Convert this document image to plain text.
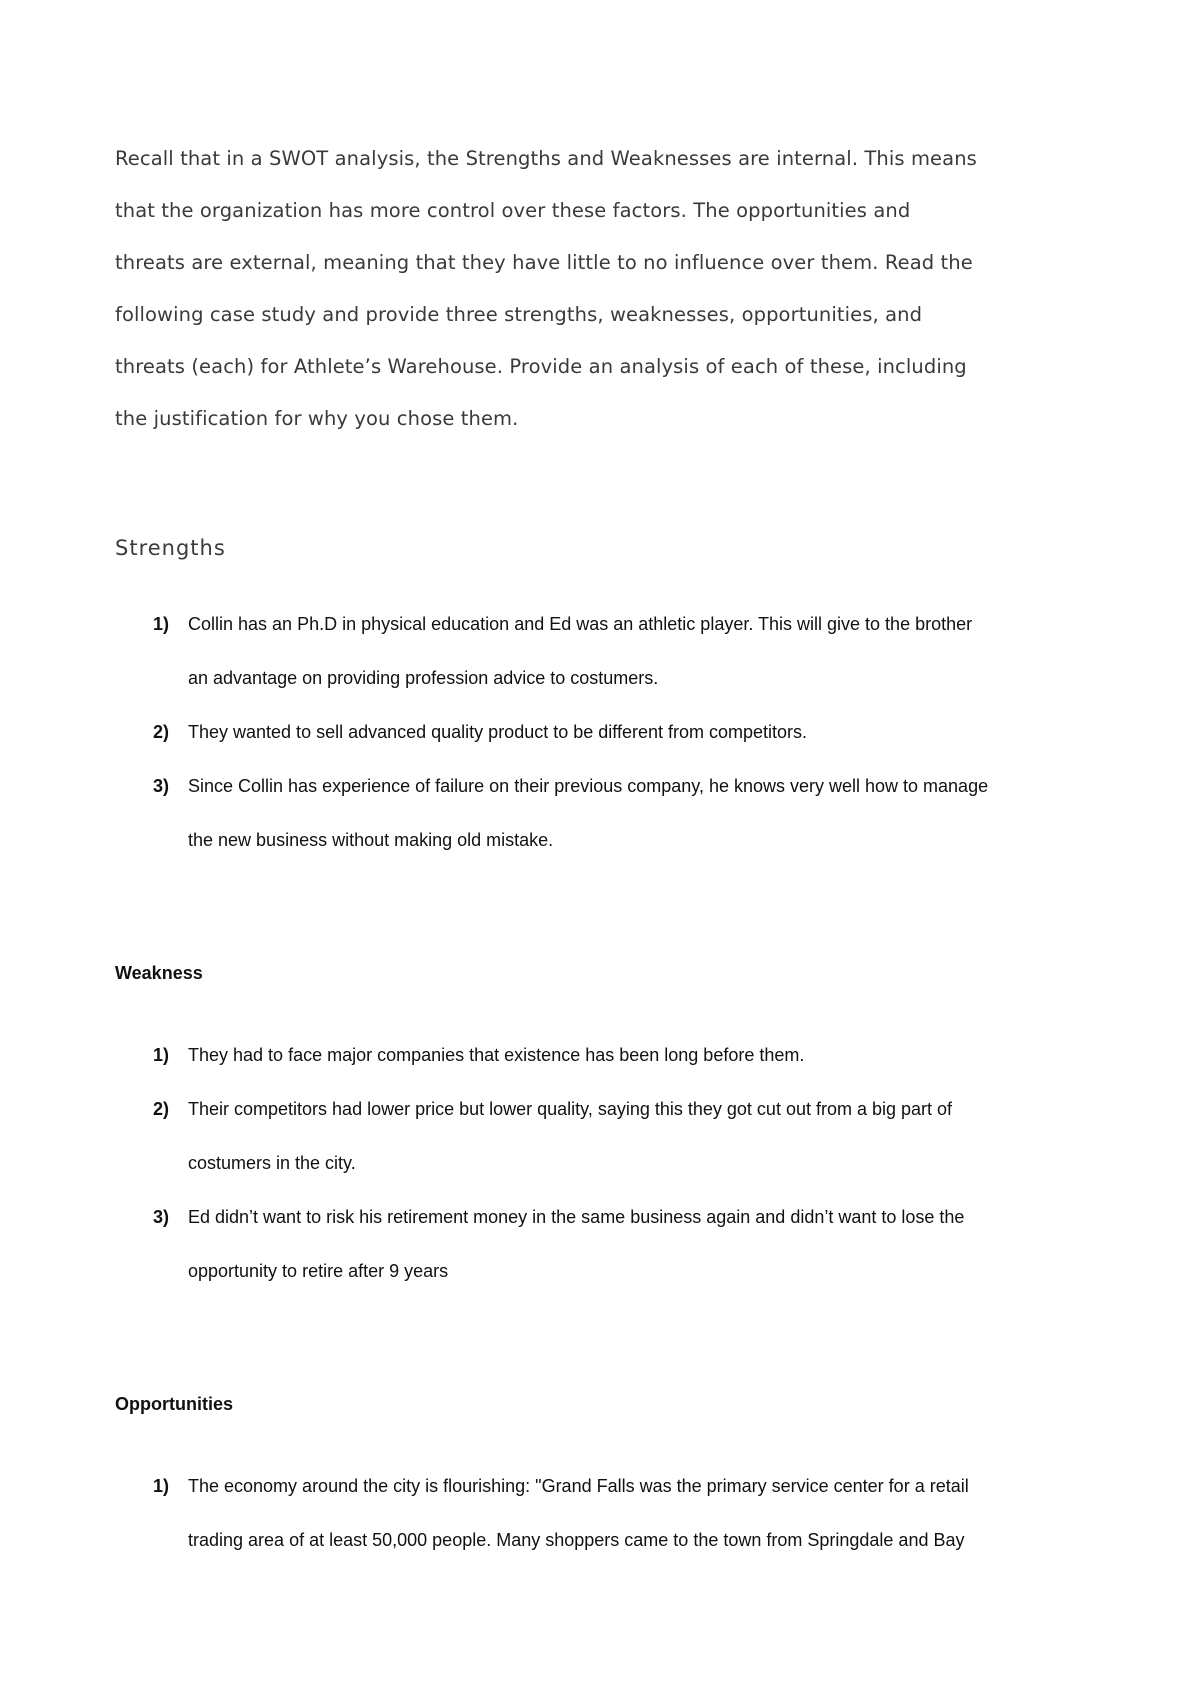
Recall that in a SWOT analysis, the Strengths and Weaknesses are internal. This means
that the organization has more control over these factors. The opportunities and
threats are external, meaning that they have little to no influence over them. Read the
following case study and provide three strengths, weaknesses, opportunities, and
threats (each) for Athlete’s Warehouse. Provide an analysis of each of these, including
the justification for why you chose them.
Strengths
1) Collin has an Ph.D in physical education and Ed was an athletic player. This will give to the brother
an advantage on providing profession advice to costumers.
2) They wanted to sell advanced quality product to be different from competitors.
3) Since Collin has experience of failure on their previous company, he knows very well how to manage
the new business without making old mistake.
Weakness
1) They had to face major companies that existence has been long before them.
2) Their competitors had lower price but lower quality, saying this they got cut out from a big part of
costumers in the city.
3) Ed didn’t want to risk his retirement money in the same business again and didn’t want to lose the
opportunity to retire after 9 years
Opportunities
1) The economy around the city is flourishing: "Grand Falls was the primary service center for a retail
trading area of at least 50,000 people. Many shoppers came to the town from Springdale and Bay
